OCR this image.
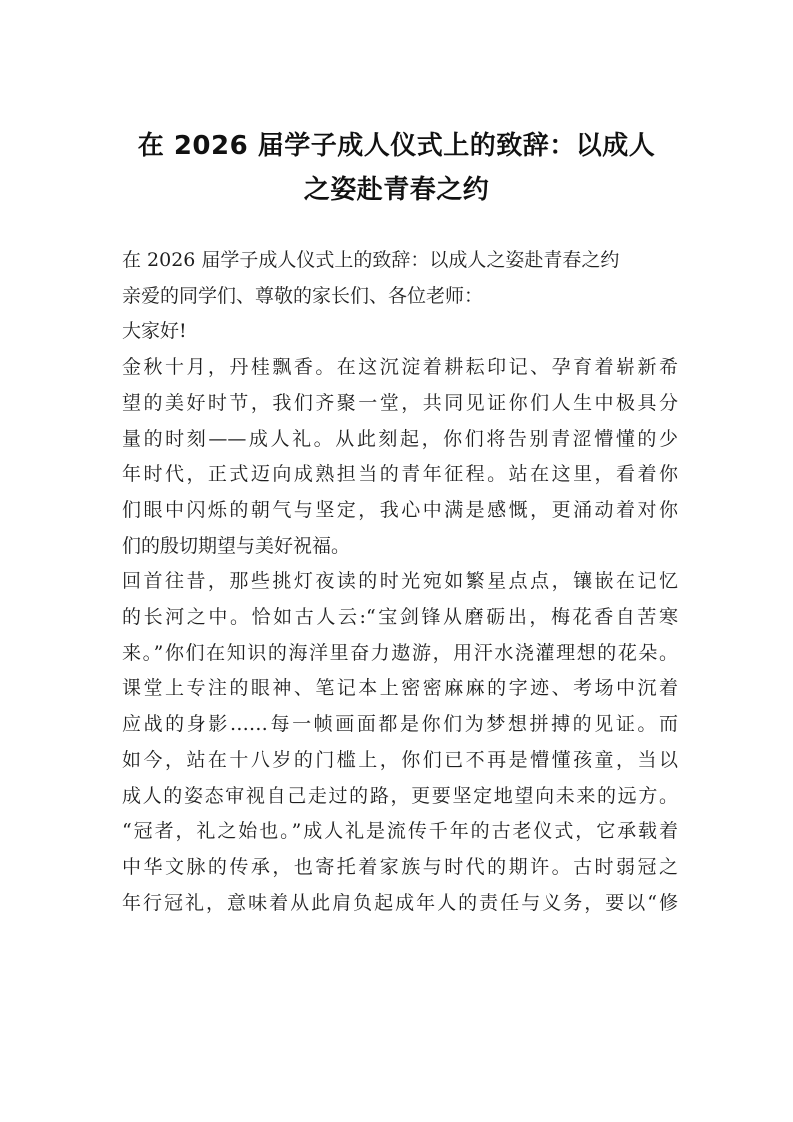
在 2026 届学子成人仪式上的致辞：以成人
之姿赴青春之约
在 2026 届学子成人仪式上的致辞：以成人之姿赴青春之约
亲爱的同学们、尊敬的家长们、各位老师：
大家好!
金秋十月，丹桂飘香。在这沉淀着耕耘印记、孕育着崭新希
望的美好时节，我们齐聚一堂，共同见证你们人生中极具分
量的时刻——成人礼。从此刻起，你们将告别青涩懵懂的少
年时代，正式迈向成熟担当的青年征程。站在这里，看着你
们眼中闪烁的朝气与坚定，我心中满是感慨，更涌动着对你
们的殷切期望与美好祝福。
回首往昔，那些挑灯夜读的时光宛如繁星点点，镶嵌在记忆
的长河之中。恰如古人云:“宝剑锋从磨砺出，梅花香自苦寒
来。”你们在知识的海洋里奋力遨游，用汗水浇灌理想的花朵。
课堂上专注的眼神、笔记本上密密麻麻的字迹、考场中沉着
应战的身影……每一帧画面都是你们为梦想拼搏的见证。而
如今，站在十八岁的门槛上，你们已不再是懵懂孩童，当以
成人的姿态审视自己走过的路，更要坚定地望向未来的远方。
“冠者，礼之始也。”成人礼是流传千年的古老仪式，它承载着
中华文脉的传承，也寄托着家族与时代的期许。古时弱冠之
年行冠礼，意味着从此肩负起成年人的责任与义务，要以“修
